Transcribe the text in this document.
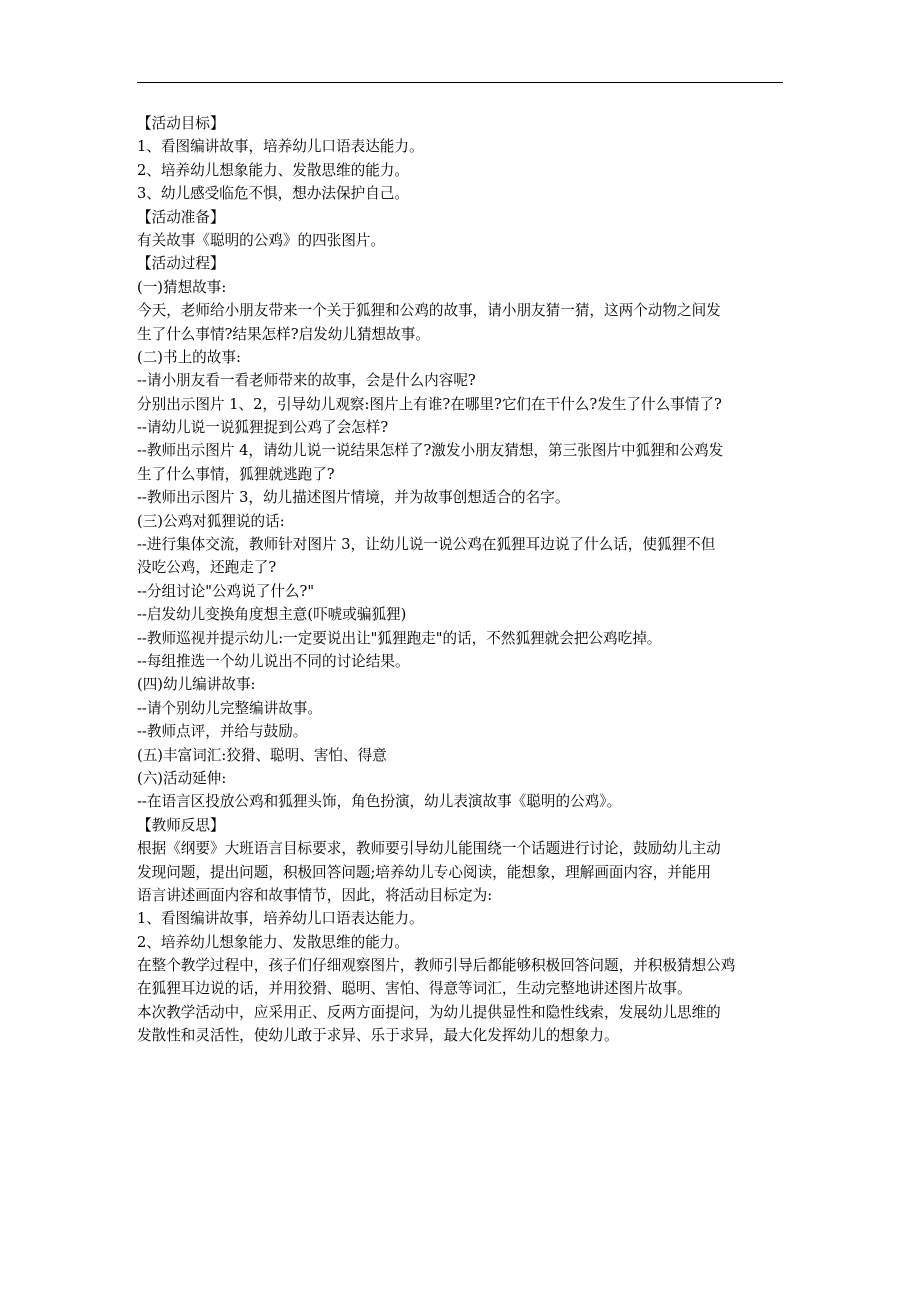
【活动目标】
1、看图编讲故事，培养幼儿口语表达能力。
2、培养幼儿想象能力、发散思维的能力。
3、幼儿感受临危不惧，想办法保护自己。
【活动准备】
有关故事《聪明的公鸡》的四张图片。
【活动过程】
(一)猜想故事:
今天，老师给小朋友带来一个关于狐狸和公鸡的故事，请小朋友猜一猜，这两个动物之间发
生了什么事情?结果怎样?启发幼儿猜想故事。
(二)书上的故事:
--请小朋友看一看老师带来的故事，会是什么内容呢?
分别出示图片 1、2，引导幼儿观察:图片上有谁?在哪里?它们在干什么?发生了什么事情了?
--请幼儿说一说狐狸捉到公鸡了会怎样?
--教师出示图片 4，请幼儿说一说结果怎样了?激发小朋友猜想，第三张图片中狐狸和公鸡发
生了什么事情，狐狸就逃跑了?
--教师出示图片 3，幼儿描述图片情境，并为故事创想适合的名字。
(三)公鸡对狐狸说的话:
--进行集体交流，教师针对图片 3，让幼儿说一说公鸡在狐狸耳边说了什么话，使狐狸不但
没吃公鸡，还跑走了?
--分组讨论"公鸡说了什么?"
--启发幼儿变换角度想主意(吓唬或骗狐狸)
--教师巡视并提示幼儿:一定要说出让"狐狸跑走"的话，不然狐狸就会把公鸡吃掉。
--每组推选一个幼儿说出不同的讨论结果。
(四)幼儿编讲故事:
--请个别幼儿完整编讲故事。
--教师点评，并给与鼓励。
(五)丰富词汇:狡猾、聪明、害怕、得意
(六)活动延伸:
--在语言区投放公鸡和狐狸头饰，角色扮演，幼儿表演故事《聪明的公鸡》。
【教师反思】
根据《纲要》大班语言目标要求，教师要引导幼儿能围绕一个话题进行讨论，鼓励幼儿主动
发现问题，提出问题，积极回答问题;培养幼儿专心阅读，能想象，理解画面内容，并能用
语言讲述画面内容和故事情节，因此，将活动目标定为:
1、看图编讲故事，培养幼儿口语表达能力。
2、培养幼儿想象能力、发散思维的能力。
在整个教学过程中，孩子们仔细观察图片，教师引导后都能够积极回答问题，并积极猜想公鸡
在狐狸耳边说的话，并用狡猾、聪明、害怕、得意等词汇，生动完整地讲述图片故事。
本次教学活动中，应采用正、反两方面提问，为幼儿提供显性和隐性线索，发展幼儿思维的
发散性和灵活性，使幼儿敢于求异、乐于求异，最大化发挥幼儿的想象力。
